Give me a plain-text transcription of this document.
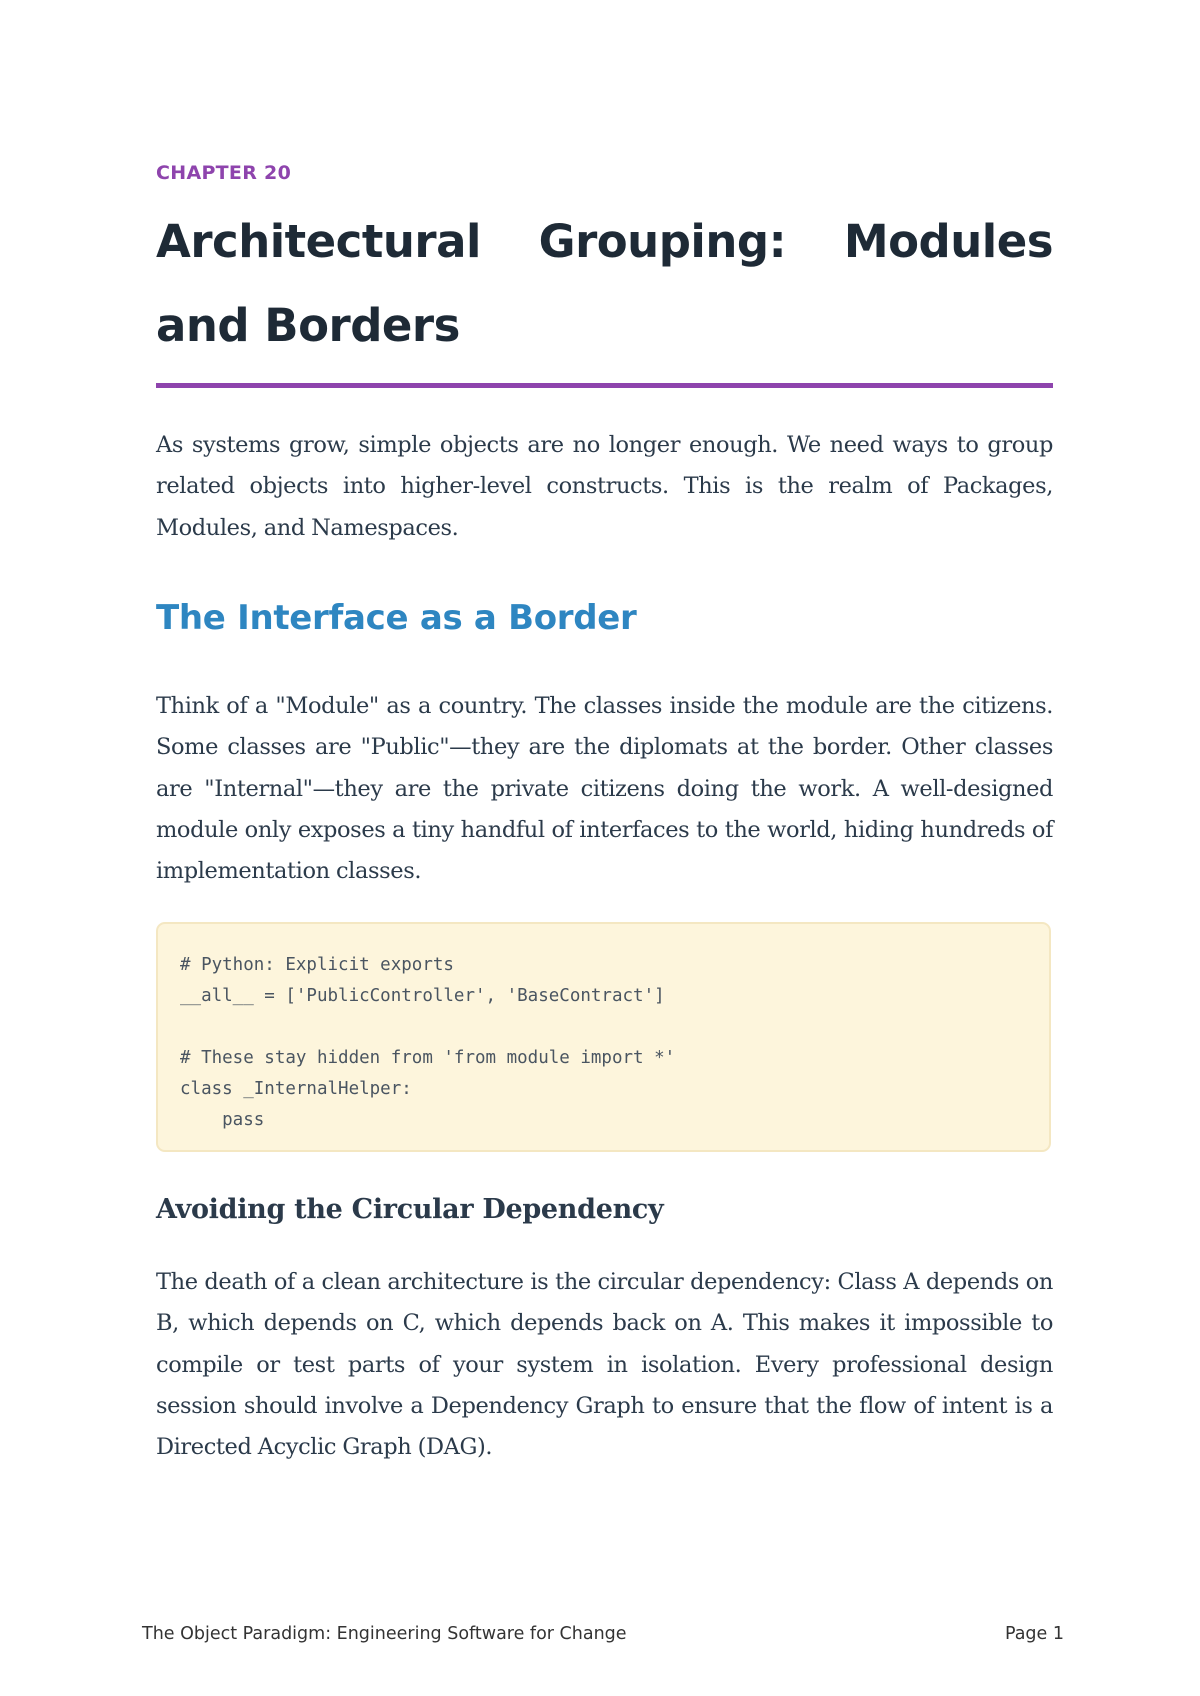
CHAPTER 20
Architectural Grouping: Modules and Borders

As systems grow, simple objects are no longer enough. We need ways to group related objects into higher-level constructs. This is the realm of Packages, Modules, and Namespaces.

The Interface as a Border

Think of a "Module" as a country. The classes inside the module are the citizens. Some classes are "Public"—they are the diplomats at the border. Other classes are "Internal"—they are the private citizens doing the work. A well-designed module only exposes a tiny handful of interfaces to the world, hiding hundreds of implementation classes.

# Python: Explicit exports
__all__ = ['PublicController', 'BaseContract']
# These stay hidden from 'from module import *'
class _InternalHelper:
pass
Avoiding the Circular Dependency

The death of a clean architecture is the circular dependency: Class A depends on B, which depends on C, which depends back on A. This makes it impossible to compile or test parts of your system in isolation. Every professional design session should involve a Dependency Graph to ensure that the flow of intent is a Directed Acyclic Graph (DAG).

The Object Paradigm: Engineering Software for Change	Page 1
